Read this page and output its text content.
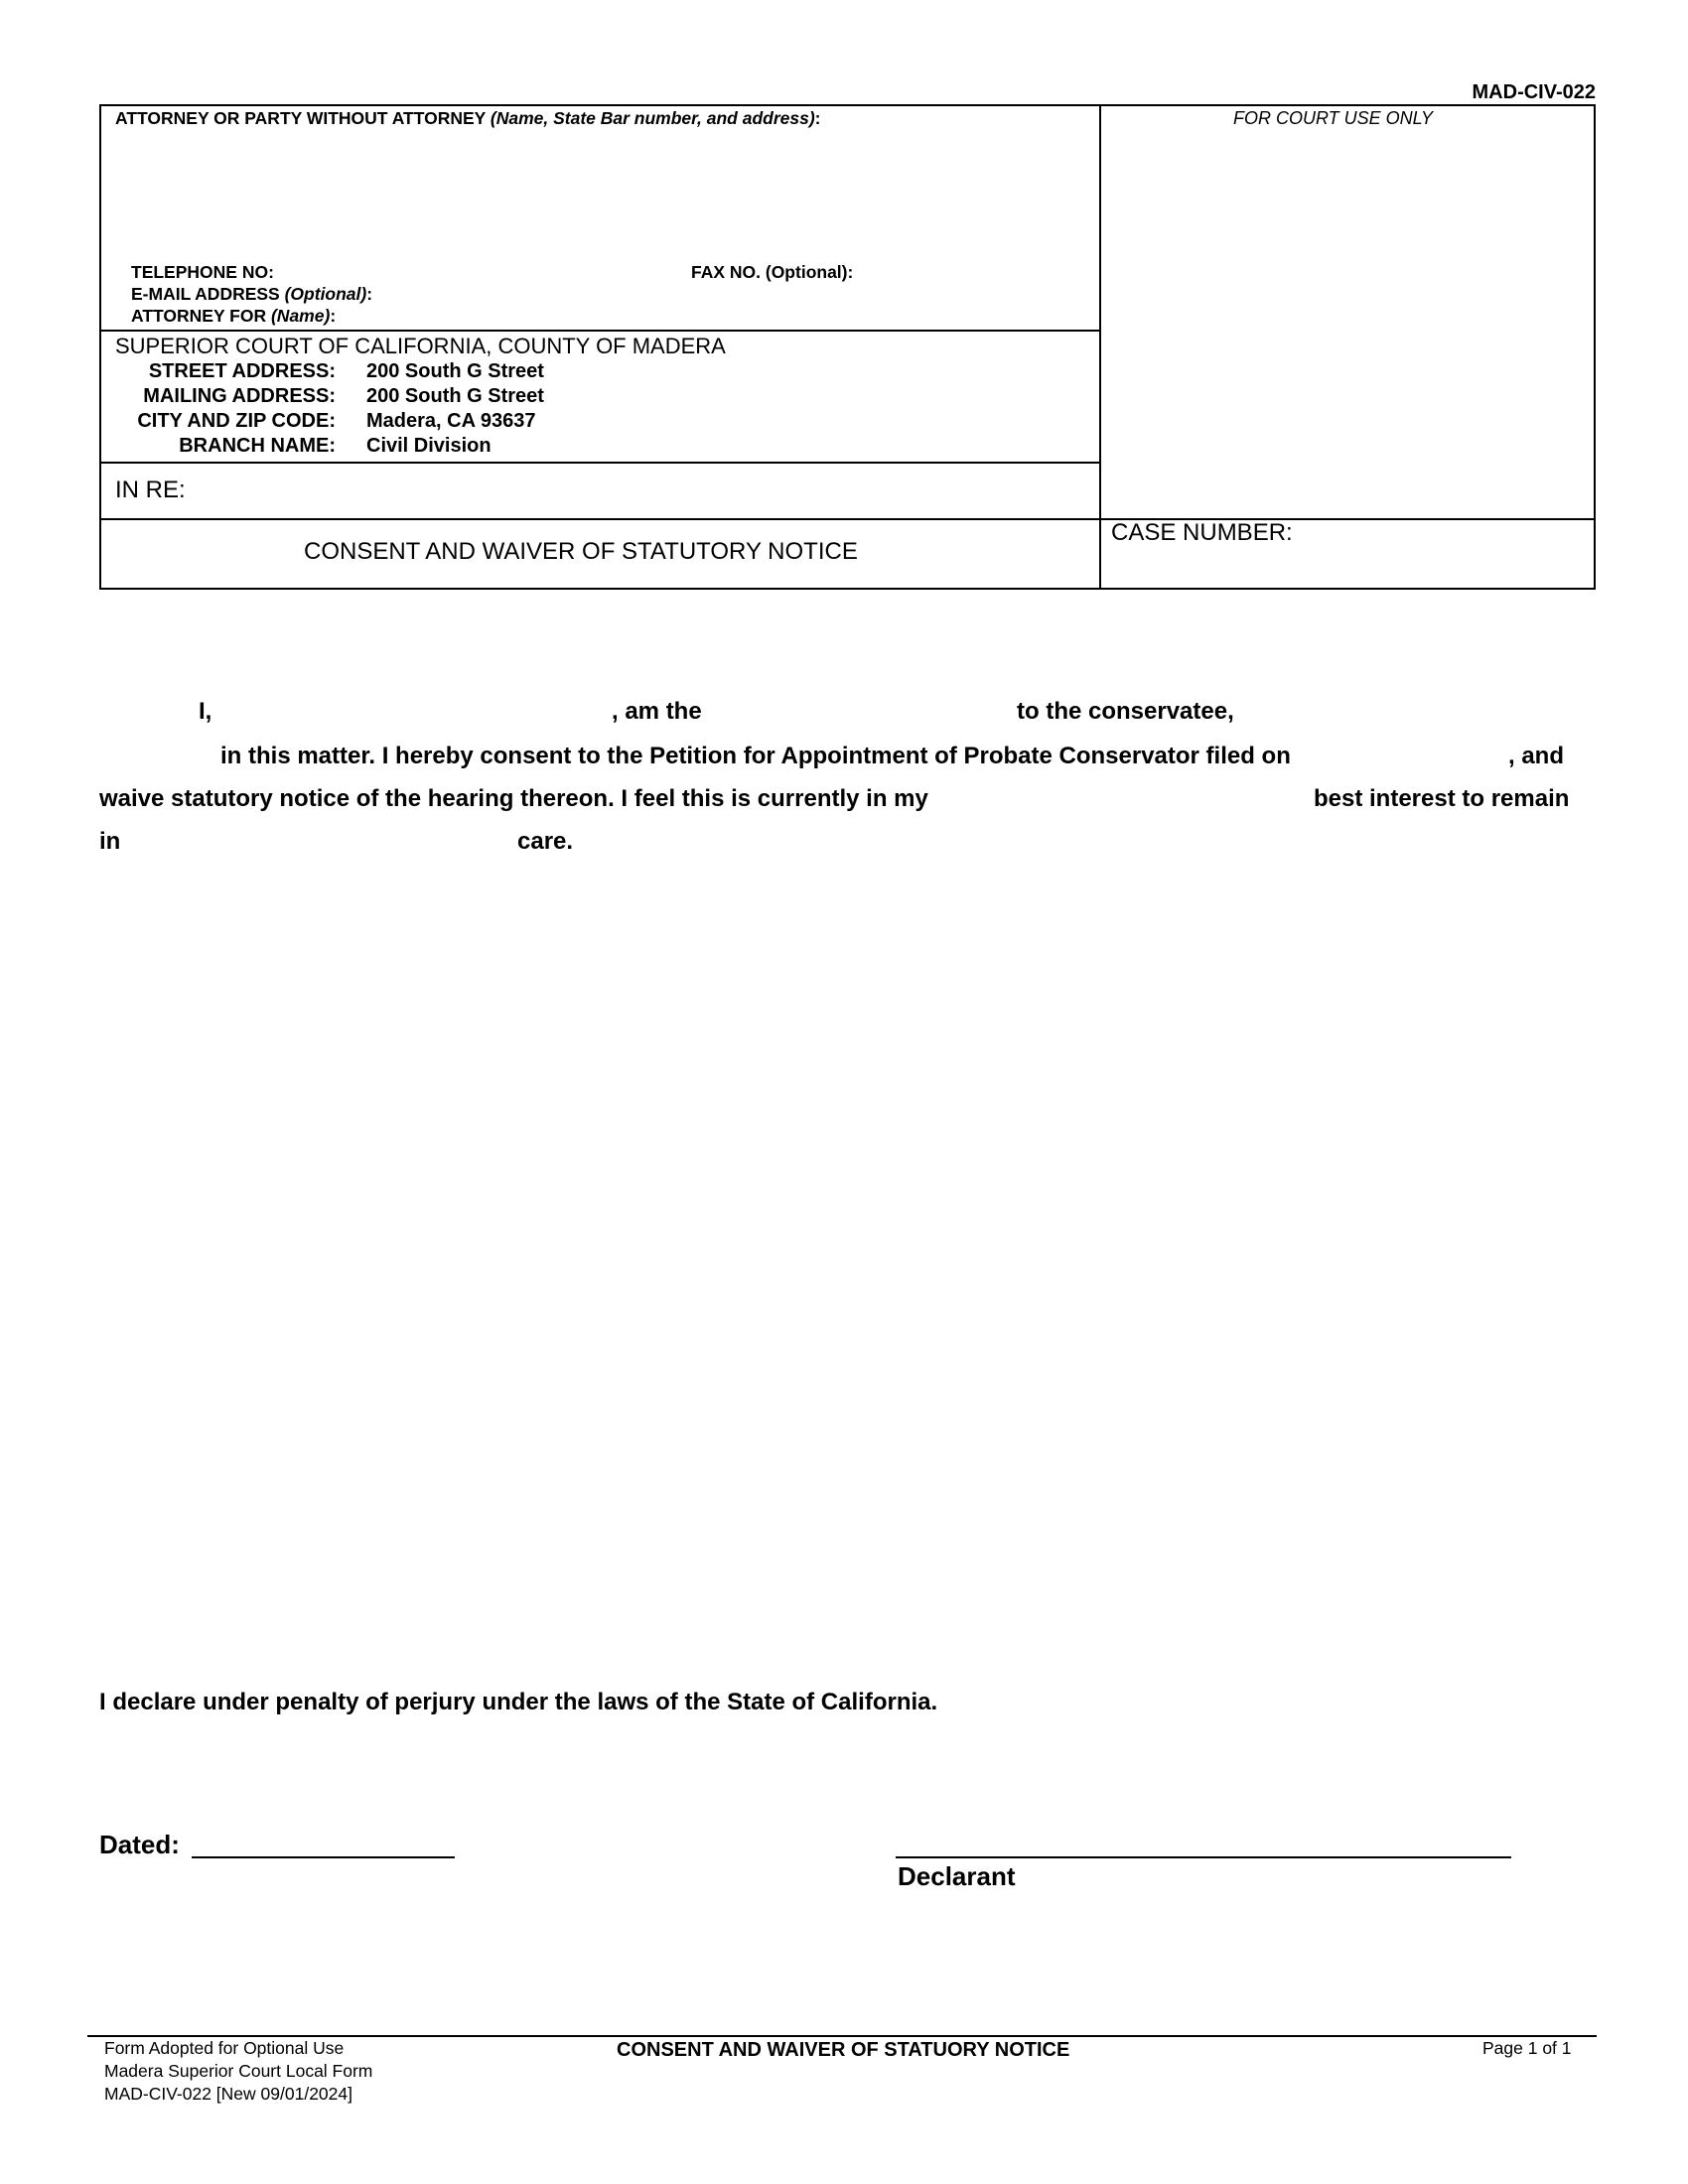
MAD-CIV-022
ATTORNEY OR PARTY WITHOUT ATTORNEY (Name, State Bar number, and address):	FOR COURT USE ONLY
TELEPHONE NO:	FAX NO. (Optional):
E-MAIL ADDRESS (Optional):
ATTORNEY FOR (Name):
SUPERIOR COURT OF CALIFORNIA, COUNTY OF MADERA
STREET ADDRESS: 200 South G Street
MAILING ADDRESS: 200 South G Street
CITY AND ZIP CODE: Madera, CA 93637
BRANCH NAME: Civil Division
IN RE:
CONSENT AND WAIVER OF STATUTORY NOTICE
CASE NUMBER:
I,	, am the	to the conservatee,
in this matter. I hereby consent to the Petition for Appointment of Probate Conservator filed on	, and
waive statutory notice of the hearing thereon. I feel this is currently in my	best interest to remain
in	care.
I declare under penalty of perjury under the laws of the State of California.
Dated:
Declarant
Form Adopted for Optional Use
Madera Superior Court Local Form
MAD-CIV-022 [New 09/01/2024]
CONSENT AND WAIVER OF STATUORY NOTICE	Page 1 of 1
